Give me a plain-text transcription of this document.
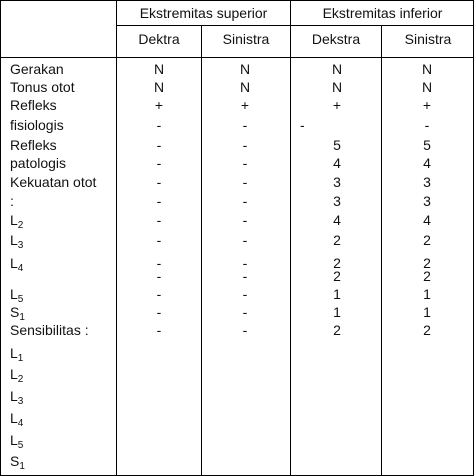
Ekstremitas superior	Ekstremitas inferior
Dektra	Sinistra	Dekstra	Sinistra
Gerakan	N	N	N	N
Tonus otot	N	N	N	N
Refleks	+	+	+	+
fisiologis	-	-	-	-
Refleks	-	-	5	5
patologis	-	-	4	4
Kekuatan otot	-	-	3	3
:	-	-	3	3
$L_2$	-	-	4	4
$L_3$	-	-	2	2
$L_4$	-	-	2	2
-	-	2	2
$L_5$	-	-	1	1
$S_1$	-	-	1	1
Sensibilitas :	-	-	2	2
$L_1$
$L_2$
$L_3$
$L_4$
$L_5$
$S_1$
